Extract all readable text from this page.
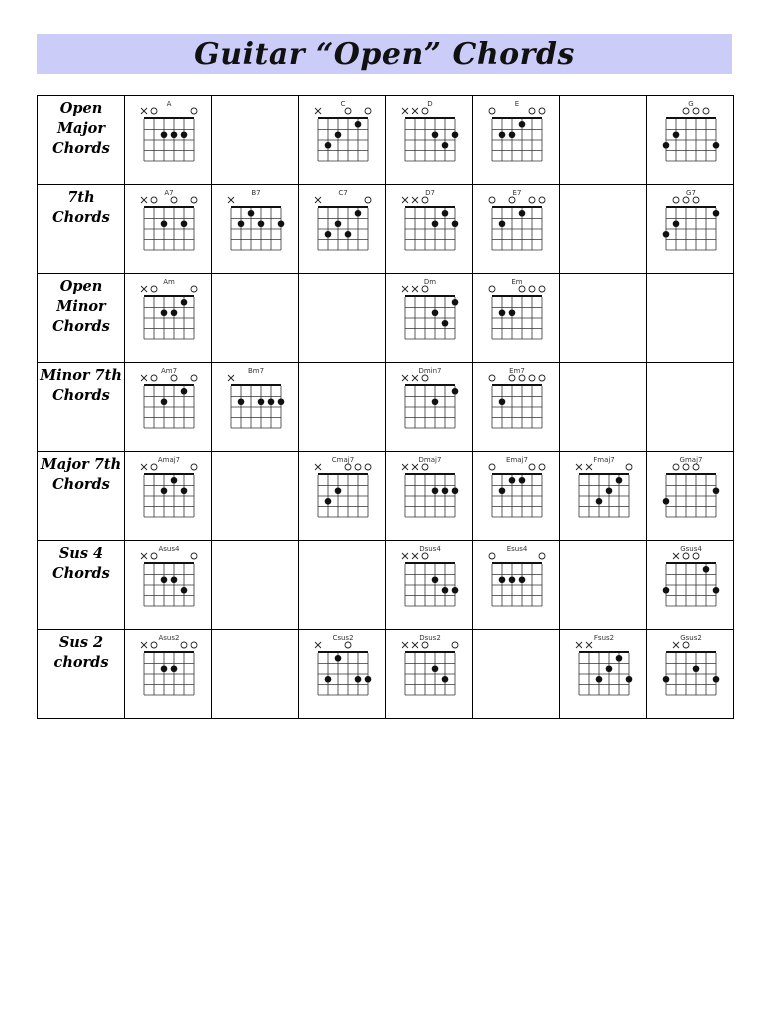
Guitar “Open” Chords
Open
Major
Chords	A		C	D	E		G

7th Chords	A7	B7	C7	D7	E7		G7

Open
Minor
Chords	Am			Dm	Em		

Minor 7th
Chords	Am7	Bm7		Dmin7	Em7		

Major 7th
Chords	Amaj7		Cmaj7	Dmaj7	Emaj7	Fmaj7	Gmaj7

Sus 4
Chords	Asus4			Dsus4	Esus4		Gsus4

Sus 2
chords	Asus2		Csus2	Dsus2		Fsus2	Gsus2
